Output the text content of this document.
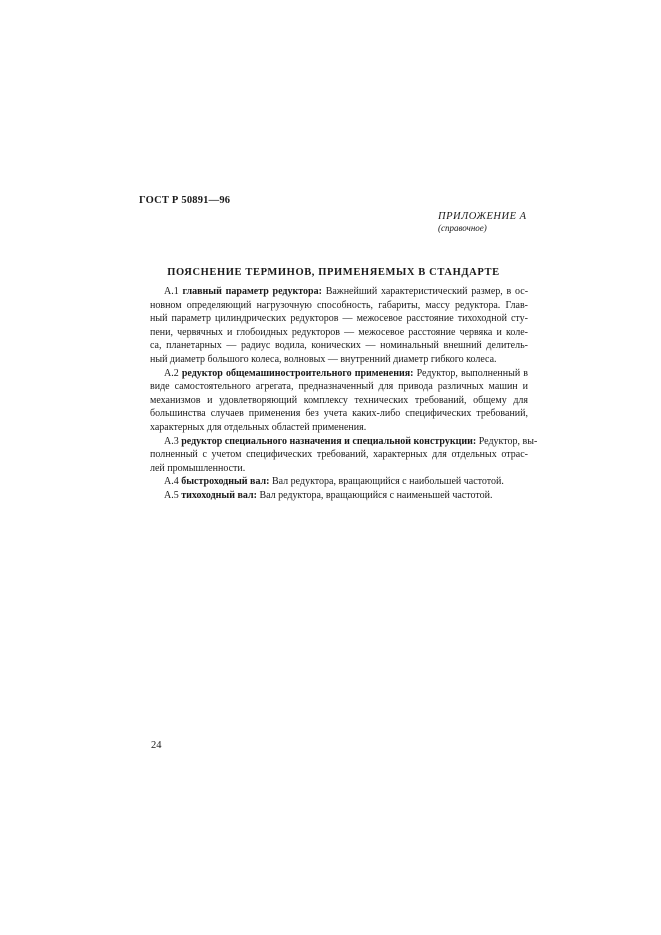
ГОСТ Р 50891—96
ПРИЛОЖЕНИЕ А
(справочное)
ПОЯСНЕНИЕ ТЕРМИНОВ, ПРИМЕНЯЕМЫХ В СТАНДАРТЕ
А.1 главный параметр редуктора: Важнейший характеристический размер, в ос-
новном определяющий нагрузочную способность, габариты, массу редуктора. Глав-
ный параметр цилиндрических редукторов — межосевое расстояние тихоходной сту-
пени, червячных и глобоидных редукторов — межосевое расстояние червяка и коле-
са, планетарных — радиус водила, конических — номинальный внешний делитель-
ный диаметр большого колеса, волновых — внутренний диаметр гибкого колеса.
А.2 редуктор общемашиностроительного применения: Редуктор, выполненный в
виде самостоятельного агрегата, предназначенный для привода различных машин и
механизмов и удовлетворяющий комплексу технических требований, общему для
большинства случаев применения без учета каких-либо специфических требований,
характерных для отдельных областей применения.
А.3 редуктор специального назначения и специальной конструкции: Редуктор, вы-
полненный с учетом специфических требований, характерных для отдельных отрас-
лей промышленности.
А.4 быстроходный вал: Вал редуктора, вращающийся с наибольшей частотой.
А.5 тихоходный вал: Вал редуктора, вращающийся с наименьшей частотой.
24
